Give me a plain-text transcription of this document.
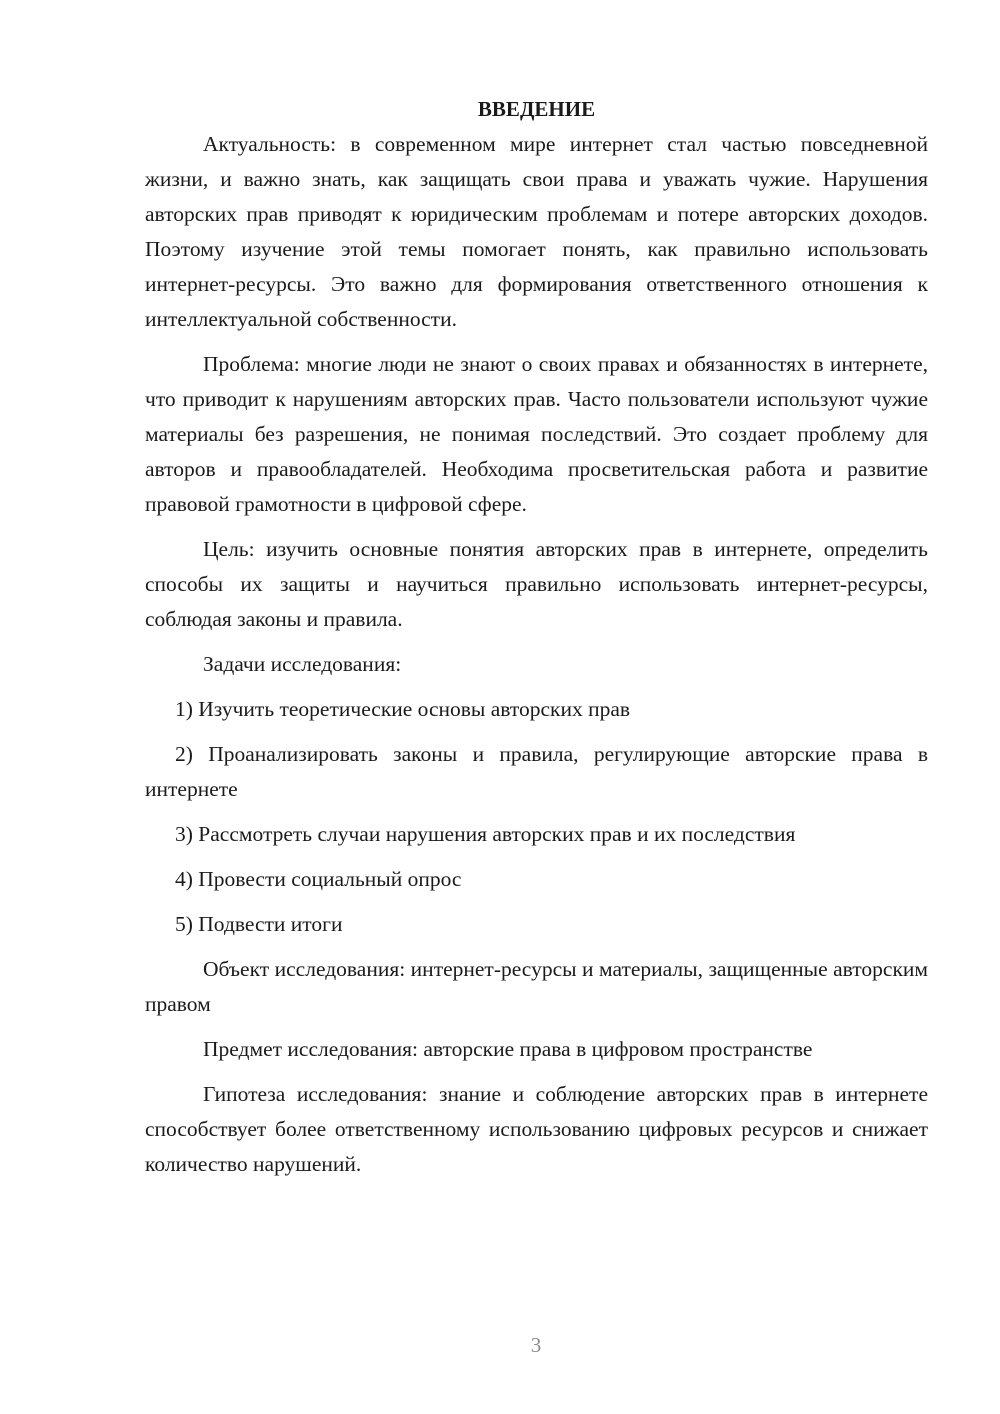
ВВЕДЕНИЕ

Актуальность: в современном мире интернет стал частью повседневной жизни, и важно знать, как защищать свои права и уважать чужие. Нарушения авторских прав приводят к юридическим проблемам и потере авторских доходов. Поэтому изучение этой темы помогает понять, как правильно использовать интернет-ресурсы. Это важно для формирования ответственного отношения к интеллектуальной собственности.

Проблема: многие люди не знают о своих правах и обязанностях в интернете, что приводит к нарушениям авторских прав. Часто пользователи используют чужие материалы без разрешения, не понимая последствий. Это создает проблему для авторов и правообладателей. Необходима просветительская работа и развитие правовой грамотности в цифровой сфере.

Цель: изучить основные понятия авторских прав в интернете, определить способы их защиты и научиться правильно использовать интернет-ресурсы, соблюдая законы и правила.

Задачи исследования:

1) Изучить теоретические основы авторских прав

2) Проанализировать законы и правила, регулирующие авторские права в интернете

3) Рассмотреть случаи нарушения авторских прав и их последствия

4) Провести социальный опрос

5) Подвести итоги

Объект исследования: интернет-ресурсы и материалы, защищенные авторским правом

Предмет исследования: авторские права в цифровом пространстве

Гипотеза исследования: знание и соблюдение авторских прав в интернете способствует более ответственному использованию цифровых ресурсов и снижает количество нарушений.

3
